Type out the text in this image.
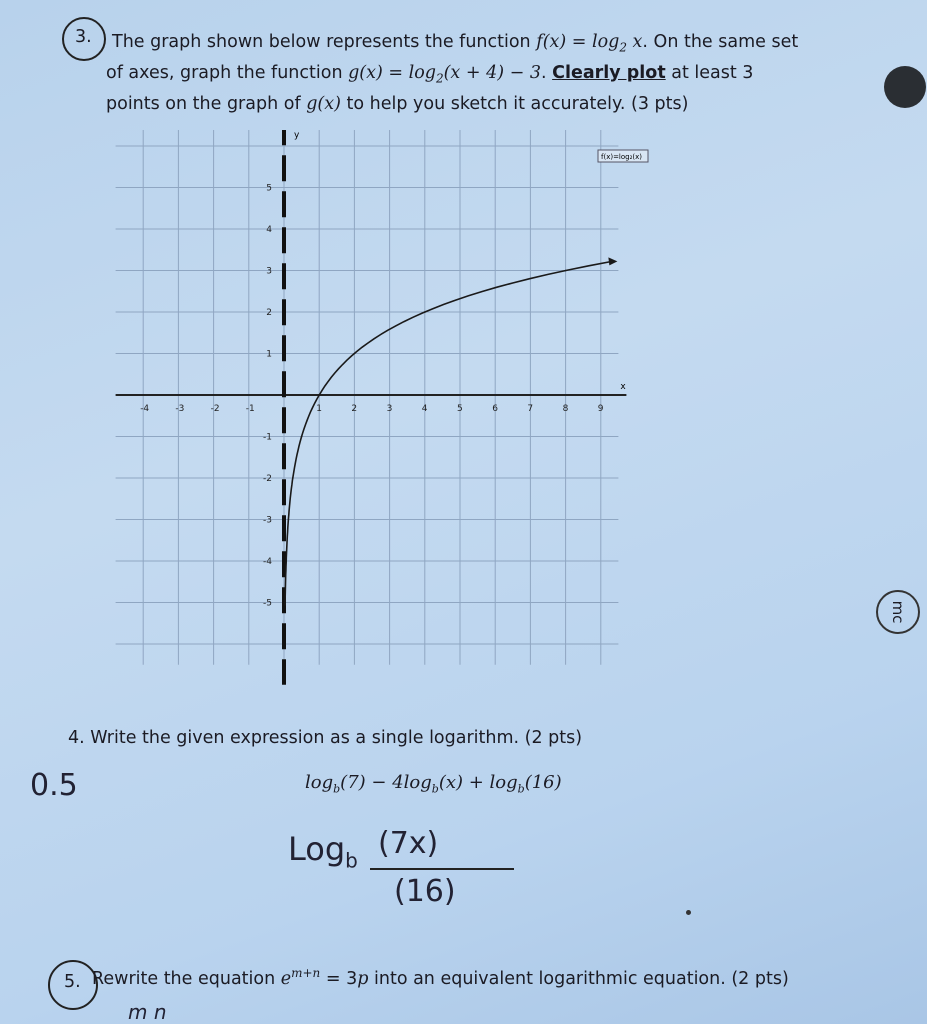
3. The graph shown below represents the function $f(x) = \log_2 x$. On the same set
of axes, graph the function $g(x) = \log_2(x + 4) - 3$. Clearly plot at least 3
points on the graph of g(x) to help you sketch it accurately. (3 pts)
-4	-3	-2	-1	1	2	3	4	5	6	7	8	9
5
4
3
2
1
-1
-2
-3
-4
-5
y
x
f(x)=log₂(x)
mc
4. Write the given expression as a single logarithm. (2 pts)
0.5	$\log_b(7) - 4\log_b(x) + \log_b(16)$
Log$_b$ (7x)
(16)
5. Rewrite the equation $e^{m+n} = 3p$ into an equivalent logarithmic equation. (2 pts)
m n
